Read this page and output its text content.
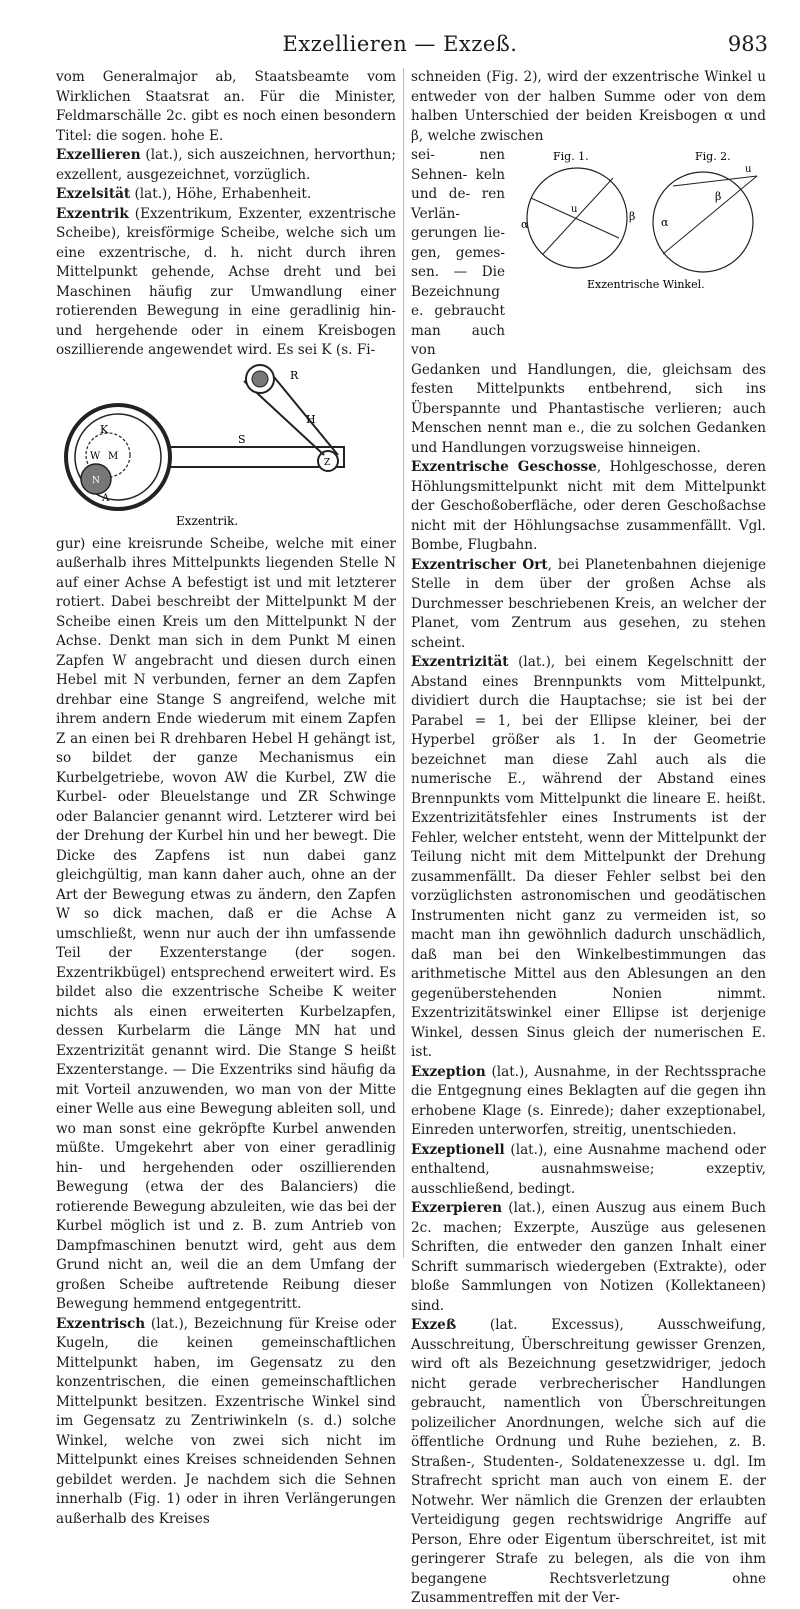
Exzellieren — Exzeß.	983

vom Generalmajor ab, Staatsbeamte vom Wirklichen Staatsrat an. Für die Minister, Feldmarschälle 2c. gibt es noch einen besondern Titel: die sogen. hohe E.

Exzellieren (lat.), sich auszeichnen, hervorthun; exzellent, ausgezeichnet, vorzüglich.

Exzelsität (lat.), Höhe, Erhabenheit.

Exzentrik (Exzentrikum, Exzenter, exzentrische Scheibe), kreisförmige Scheibe, welche sich um eine exzentrische, d. h. nicht durch ihren Mittelpunkt gehende, Achse dreht und bei Maschinen häufig zur Umwandlung einer rotierenden Bewegung in eine geradlinig hin- und hergehende oder in einem Kreisbogen oszillierende angewendet wird. Es sei K (s. Fi-

R
H
S
Z
K
W M
N
A
Exzentrik.

gur) eine kreisrunde Scheibe, welche mit einer außerhalb ihres Mittelpunkts liegenden Stelle N auf einer Achse A befestigt ist und mit letzterer rotiert. Dabei beschreibt der Mittelpunkt M der Scheibe einen Kreis um den Mittelpunkt N der Achse. Denkt man sich in dem Punkt M einen Zapfen W angebracht und diesen durch einen Hebel mit N verbunden, ferner an dem Zapfen drehbar eine Stange S angreifend, welche mit ihrem andern Ende wiederum mit einem Zapfen Z an einen bei R drehbaren Hebel H gehängt ist, so bildet der ganze Mechanismus ein Kurbelgetriebe, wovon AW die Kurbel, ZW die Kurbel- oder Bleuelstange und ZR Schwinge oder Balancier genannt wird. Letzterer wird bei der Drehung der Kurbel hin und her bewegt. Die Dicke des Zapfens ist nun dabei ganz gleichgültig, man kann daher auch, ohne an der Art der Bewegung etwas zu ändern, den Zapfen W so dick machen, daß er die Achse A umschließt, wenn nur auch der ihn umfassende Teil der Exzenterstange (der sogen. Exzentrikbügel) entsprechend erweitert wird. Es bildet also die exzentrische Scheibe K weiter nichts als einen erweiterten Kurbelzapfen, dessen Kurbelarm die Länge MN hat und Exzentrizität genannt wird. Die Stange S heißt Exzenterstange. — Die Exzentriks sind häufig da mit Vorteil anzuwenden, wo man von der Mitte einer Welle aus eine Bewegung ableiten soll, und wo man sonst eine gekröpfte Kurbel anwenden müßte. Umgekehrt aber von einer geradlinig hin- und hergehenden oder oszillierenden Bewegung (etwa der des Balanciers) die rotierende Bewegung abzuleiten, wie das bei der Kurbel möglich ist und z. B. zum Antrieb von Dampfmaschinen benutzt wird, geht aus dem Grund nicht an, weil die an dem Umfang der großen Scheibe auftretende Reibung dieser Bewegung hemmend entgegentritt.

Exzentrisch (lat.), Bezeichnung für Kreise oder Kugeln, die keinen gemeinschaftlichen Mittelpunkt haben, im Gegensatz zu den konzentrischen, die einen gemeinschaftlichen Mittelpunkt besitzen. Exzentrische Winkel sind im Gegensatz zu Zentriwinkeln (s. d.) solche Winkel, welche von zwei sich nicht im Mittelpunkt eines Kreises schneidenden Sehnen gebildet werden. Je nachdem sich die Sehnen innerhalb (Fig. 1) oder in ihren Verlängerungen außerhalb des Kreises

schneiden (Fig. 2), wird der exzentrische Winkel u entweder von der halben Summe oder von dem halben Unterschied der beiden Kreisbogen α und β, welche zwischen

sei- nen Sehnen- keln und de- ren Verlän- gerungen lie- gen, gemes- sen. — Die Bezeichnung e. gebraucht man auch von

Fig. 1.	Fig. 2.
α
u
β
u
α
β
Exzentrische Winkel.

Gedanken und Handlungen, die, gleichsam des festen Mittelpunkts entbehrend, sich ins Überspannte und Phantastische verlieren; auch Menschen nennt man e., die zu solchen Gedanken und Handlungen vorzugsweise hinneigen.

Exzentrische Geschosse, Hohlgeschosse, deren Höhlungsmittelpunkt nicht mit dem Mittelpunkt der Geschoßoberfläche, oder deren Geschoßachse nicht mit der Höhlungsachse zusammenfällt. Vgl. Bombe, Flugbahn.

Exzentrischer Ort, bei Planetenbahnen diejenige Stelle in dem über der großen Achse als Durchmesser beschriebenen Kreis, an welcher der Planet, vom Zentrum aus gesehen, zu stehen scheint.

Exzentrizität (lat.), bei einem Kegelschnitt der Abstand eines Brennpunkts vom Mittelpunkt, dividiert durch die Hauptachse; sie ist bei der Parabel = 1, bei der Ellipse kleiner, bei der Hyperbel größer als 1. In der Geometrie bezeichnet man diese Zahl auch als die numerische E., während der Abstand eines Brennpunkts vom Mittelpunkt die lineare E. heißt. Exzentrizitätsfehler eines Instruments ist der Fehler, welcher entsteht, wenn der Mittelpunkt der Teilung nicht mit dem Mittelpunkt der Drehung zusammenfällt. Da dieser Fehler selbst bei den vorzüglichsten astronomischen und geodätischen Instrumenten nicht ganz zu vermeiden ist, so macht man ihn gewöhnlich dadurch unschädlich, daß man bei den Winkelbestimmungen das arithmetische Mittel aus den Ablesungen an den gegenüberstehenden Nonien nimmt. Exzentrizitätswinkel einer Ellipse ist derjenige Winkel, dessen Sinus gleich der numerischen E. ist.

Exzeption (lat.), Ausnahme, in der Rechtssprache die Entgegnung eines Beklagten auf die gegen ihn erhobene Klage (s. Einrede); daher exzeptionabel, Einreden unterworfen, streitig, unentschieden.

Exzeptionell (lat.), eine Ausnahme machend oder enthaltend, ausnahmsweise; exzeptiv, ausschließend, bedingt.

Exzerpieren (lat.), einen Auszug aus einem Buch 2c. machen; Exzerpte, Auszüge aus gelesenen Schriften, die entweder den ganzen Inhalt einer Schrift summarisch wiedergeben (Extrakte), oder bloße Sammlungen von Notizen (Kollektaneen) sind.

Exzeß (lat. Excessus), Ausschweifung, Ausschreitung, Überschreitung gewisser Grenzen, wird oft als Bezeichnung gesetzwidriger, jedoch nicht gerade verbrecherischer Handlungen gebraucht, namentlich von Überschreitungen polizeilicher Anordnungen, welche sich auf die öffentliche Ordnung und Ruhe beziehen, z. B. Straßen-, Studenten-, Soldatenexzesse u. dgl. Im Strafrecht spricht man auch von einem E. der Notwehr. Wer nämlich die Grenzen der erlaubten Verteidigung gegen rechtswidrige Angriffe auf Person, Ehre oder Eigentum überschreitet, ist mit geringerer Strafe zu belegen, als die von ihm begangene Rechtsverletzung ohne Zusammentreffen mit der Ver-
